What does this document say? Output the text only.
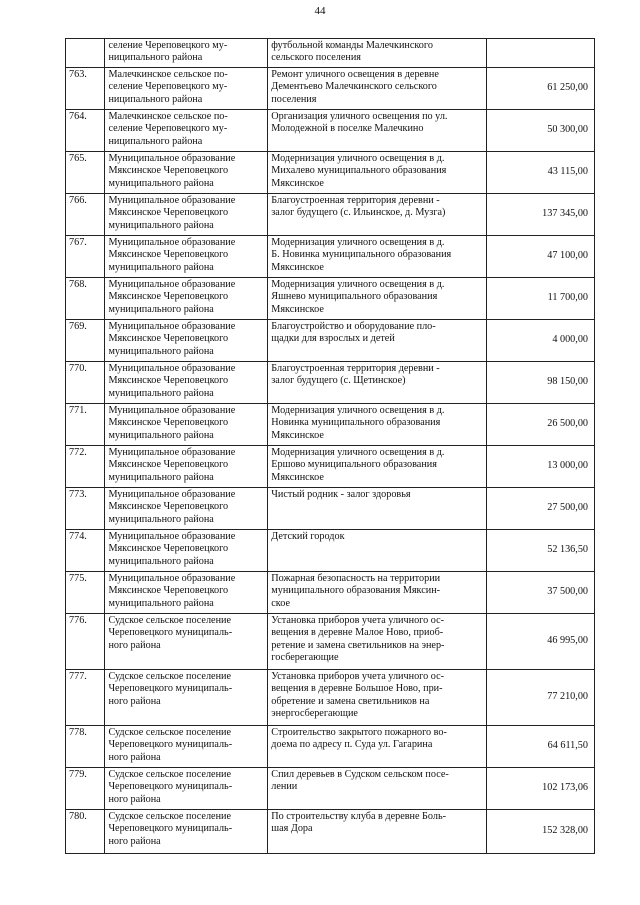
44
	селение Череповецкого му-
ниципального района	футбольной команды Малечкинского
сельского поселения	
763.	Малечкинское сельское по-
селение Череповецкого му-
ниципального района	Ремонт уличного освещения в деревне
Дементьево Малечкинского сельского
поселения	61 250,00
764.	Малечкинское сельское по-
селение Череповецкого му-
ниципального района	Организация уличного освещения по ул.
Молодежной в поселке Малечкино	50 300,00
765.	Муниципальное образование
Мяксинское Череповецкого
муниципального района	Модернизация уличного освещения в д.
Михалево муниципального образования
Мяксинское	43 115,00
766.	Муниципальное образование
Мяксинское Череповецкого
муниципального района	Благоустроенная территория деревни -
залог будущего (с. Ильинское, д. Музга)	137 345,00
767.	Муниципальное образование
Мяксинское Череповецкого
муниципального района	Модернизация уличного освещения в д.
Б. Новинка муниципального образования
Мяксинское	47 100,00
768.	Муниципальное образование
Мяксинское Череповецкого
муниципального района	Модернизация уличного освещения в д.
Яшнево муниципального образования
Мяксинское	11 700,00
769.	Муниципальное образование
Мяксинское Череповецкого
муниципального района	Благоустройство и оборудование пло-
щадки для взрослых и детей	4 000,00
770.	Муниципальное образование
Мяксинское Череповецкого
муниципального района	Благоустроенная территория деревни -
залог будущего (с. Щетинское)	98 150,00
771.	Муниципальное образование
Мяксинское Череповецкого
муниципального района	Модернизация уличного освещения в д.
Новинка муниципального образования
Мяксинское	26 500,00
772.	Муниципальное образование
Мяксинское Череповецкого
муниципального района	Модернизация уличного освещения в д.
Ершово муниципального образования
Мяксинское	13 000,00
773.	Муниципальное образование
Мяксинское Череповецкого
муниципального района	Чистый родник - залог здоровья	27 500,00
774.	Муниципальное образование
Мяксинское Череповецкого
муниципального района	Детский городок	52 136,50
775.	Муниципальное образование
Мяксинское Череповецкого
муниципального района	Пожарная безопасность на территории
муниципального образования Мяксин-
ское	37 500,00
776.	Судское сельское поселение
Череповецкого муниципаль-
ного района	Установка приборов учета уличного ос-
вещения в деревне Малое Ново, приоб-
ретение и замена светильников на энер-
госберегающие	46 995,00
777.	Судское сельское поселение
Череповецкого муниципаль-
ного района	Установка приборов учета уличного ос-
вещения в деревне Большое Ново, при-
обретение и замена светильников на
энергосберегающие	77 210,00
778.	Судское сельское поселение
Череповецкого муниципаль-
ного района	Строительство закрытого пожарного во-
доема по адресу п. Суда ул. Гагарина	64 611,50
779.	Судское сельское поселение
Череповецкого муниципаль-
ного района	Спил деревьев в Судском сельском посе-
лении	102 173,06
780.	Судское сельское поселение
Череповецкого муниципаль-
ного района	По строительству клуба в деревне Боль-
шая Дора	152 328,00
